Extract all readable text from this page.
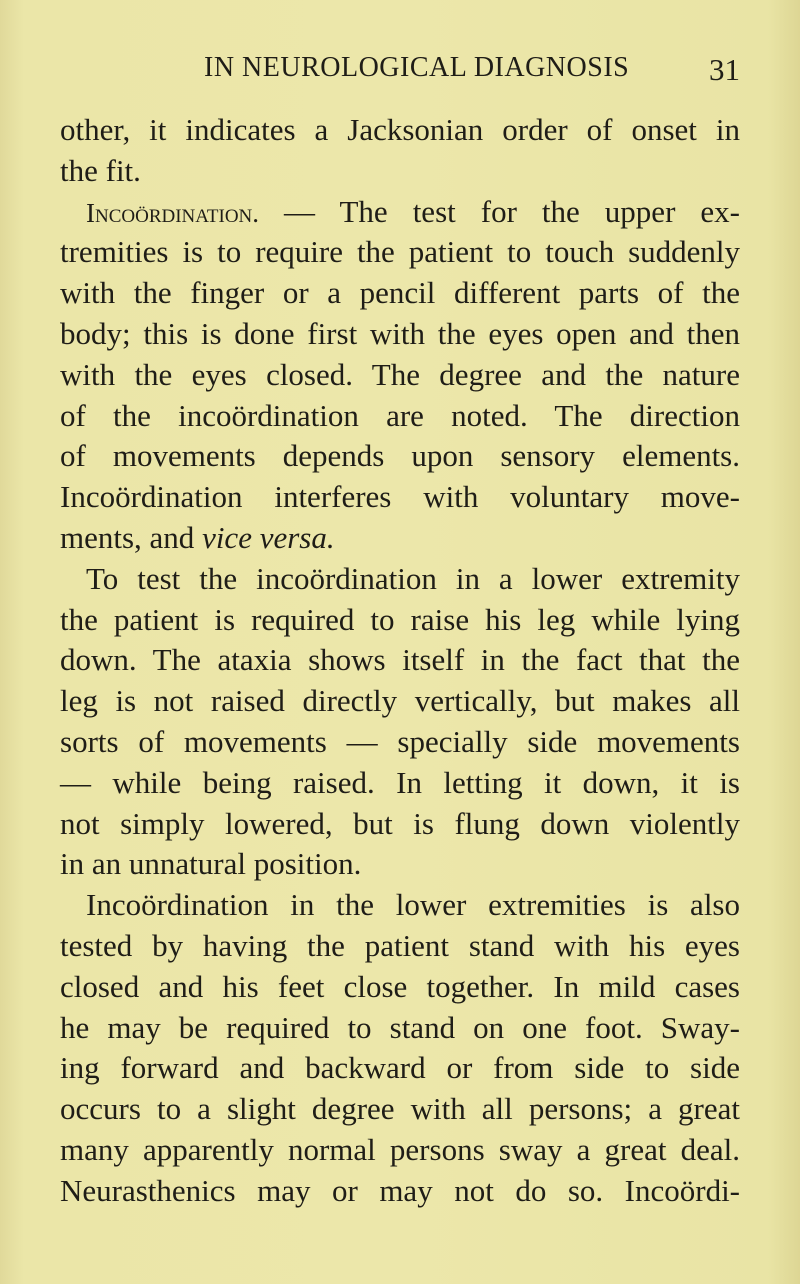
IN NEUROLOGICAL DIAGNOSIS	31
other, it indicates a Jacksonian order of onset in
the fit.
Incoördination. — The test for the upper ex-
tremities is to require the patient to touch suddenly
with the finger or a pencil different parts of the
body; this is done first with the eyes open and then
with the eyes closed. The degree and the nature
of the incoördination are noted. The direction
of movements depends upon sensory elements.
Incoördination interferes with voluntary move-
ments, and vice versa.
To test the incoördination in a lower extremity
the patient is required to raise his leg while lying
down. The ataxia shows itself in the fact that the
leg is not raised directly vertically, but makes all
sorts of movements — specially side movements
— while being raised. In letting it down, it is
not simply lowered, but is flung down violently
in an unnatural position.
Incoördination in the lower extremities is also
tested by having the patient stand with his eyes
closed and his feet close together. In mild cases
he may be required to stand on one foot. Sway-
ing forward and backward or from side to side
occurs to a slight degree with all persons; a great
many apparently normal persons sway a great deal.
Neurasthenics may or may not do so. Incoördi-
